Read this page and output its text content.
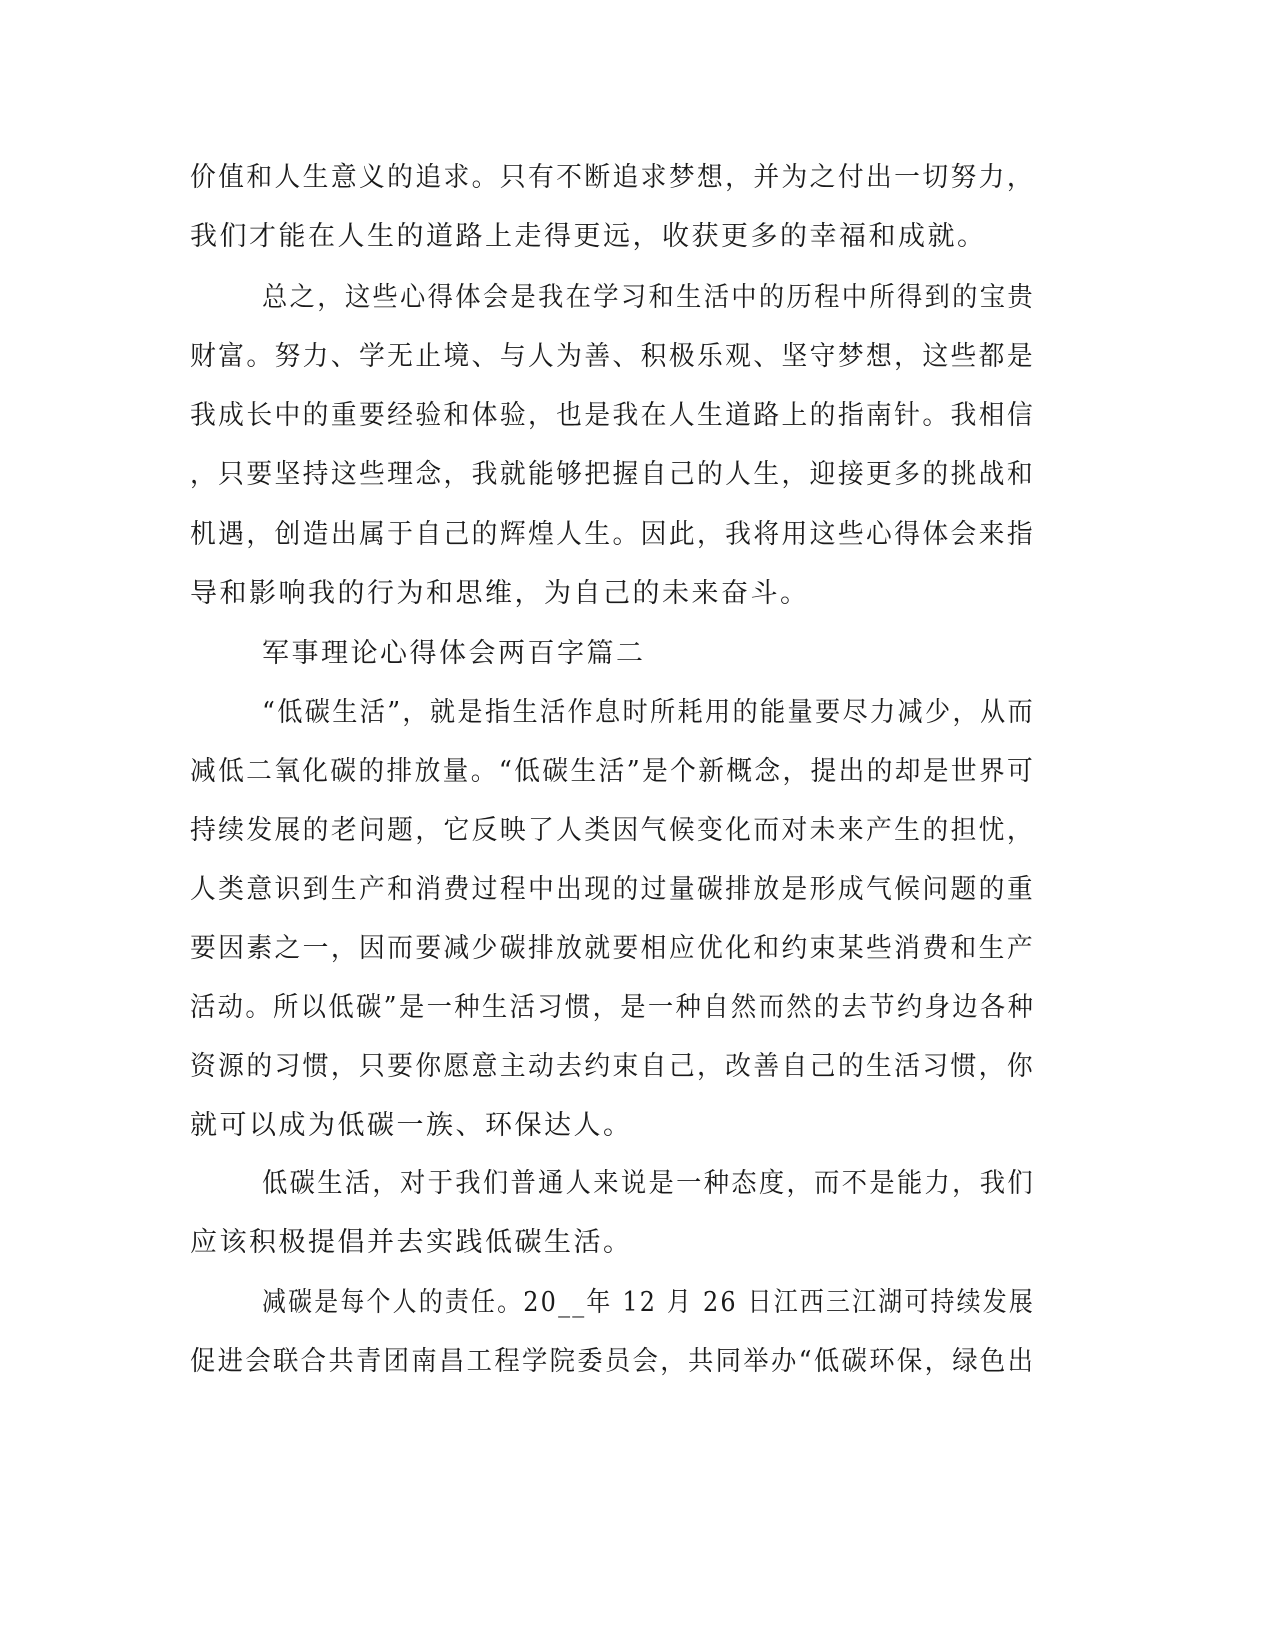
价值和人生意义的追求。只有不断追求梦想，并为之付出一切努力，
我们才能在人生的道路上走得更远，收获更多的幸福和成就。
总之，这些心得体会是我在学习和生活中的历程中所得到的宝贵
财富。努力、学无止境、与人为善、积极乐观、坚守梦想，这些都是
我成长中的重要经验和体验，也是我在人生道路上的指南针。我相信
，只要坚持这些理念，我就能够把握自己的人生，迎接更多的挑战和
机遇，创造出属于自己的辉煌人生。因此，我将用这些心得体会来指
导和影响我的行为和思维，为自己的未来奋斗。
军事理论心得体会两百字篇二
“低碳生活”，就是指生活作息时所耗用的能量要尽力减少，从而
减低二氧化碳的排放量。“低碳生活”是个新概念，提出的却是世界可
持续发展的老问题，它反映了人类因气候变化而对未来产生的担忧，
人类意识到生产和消费过程中出现的过量碳排放是形成气候问题的重
要因素之一，因而要减少碳排放就要相应优化和约束某些消费和生产
活动。所以低碳”是一种生活习惯，是一种自然而然的去节约身边各种
资源的习惯，只要你愿意主动去约束自己，改善自己的生活习惯，你
就可以成为低碳一族、环保达人。
低碳生活，对于我们普通人来说是一种态度，而不是能力，我们
应该积极提倡并去实践低碳生活。
减碳是每个人的责任。20__年 12 月 26 日江西三江湖可持续发展
促进会联合共青团南昌工程学院委员会，共同举办“低碳环保，绿色出
